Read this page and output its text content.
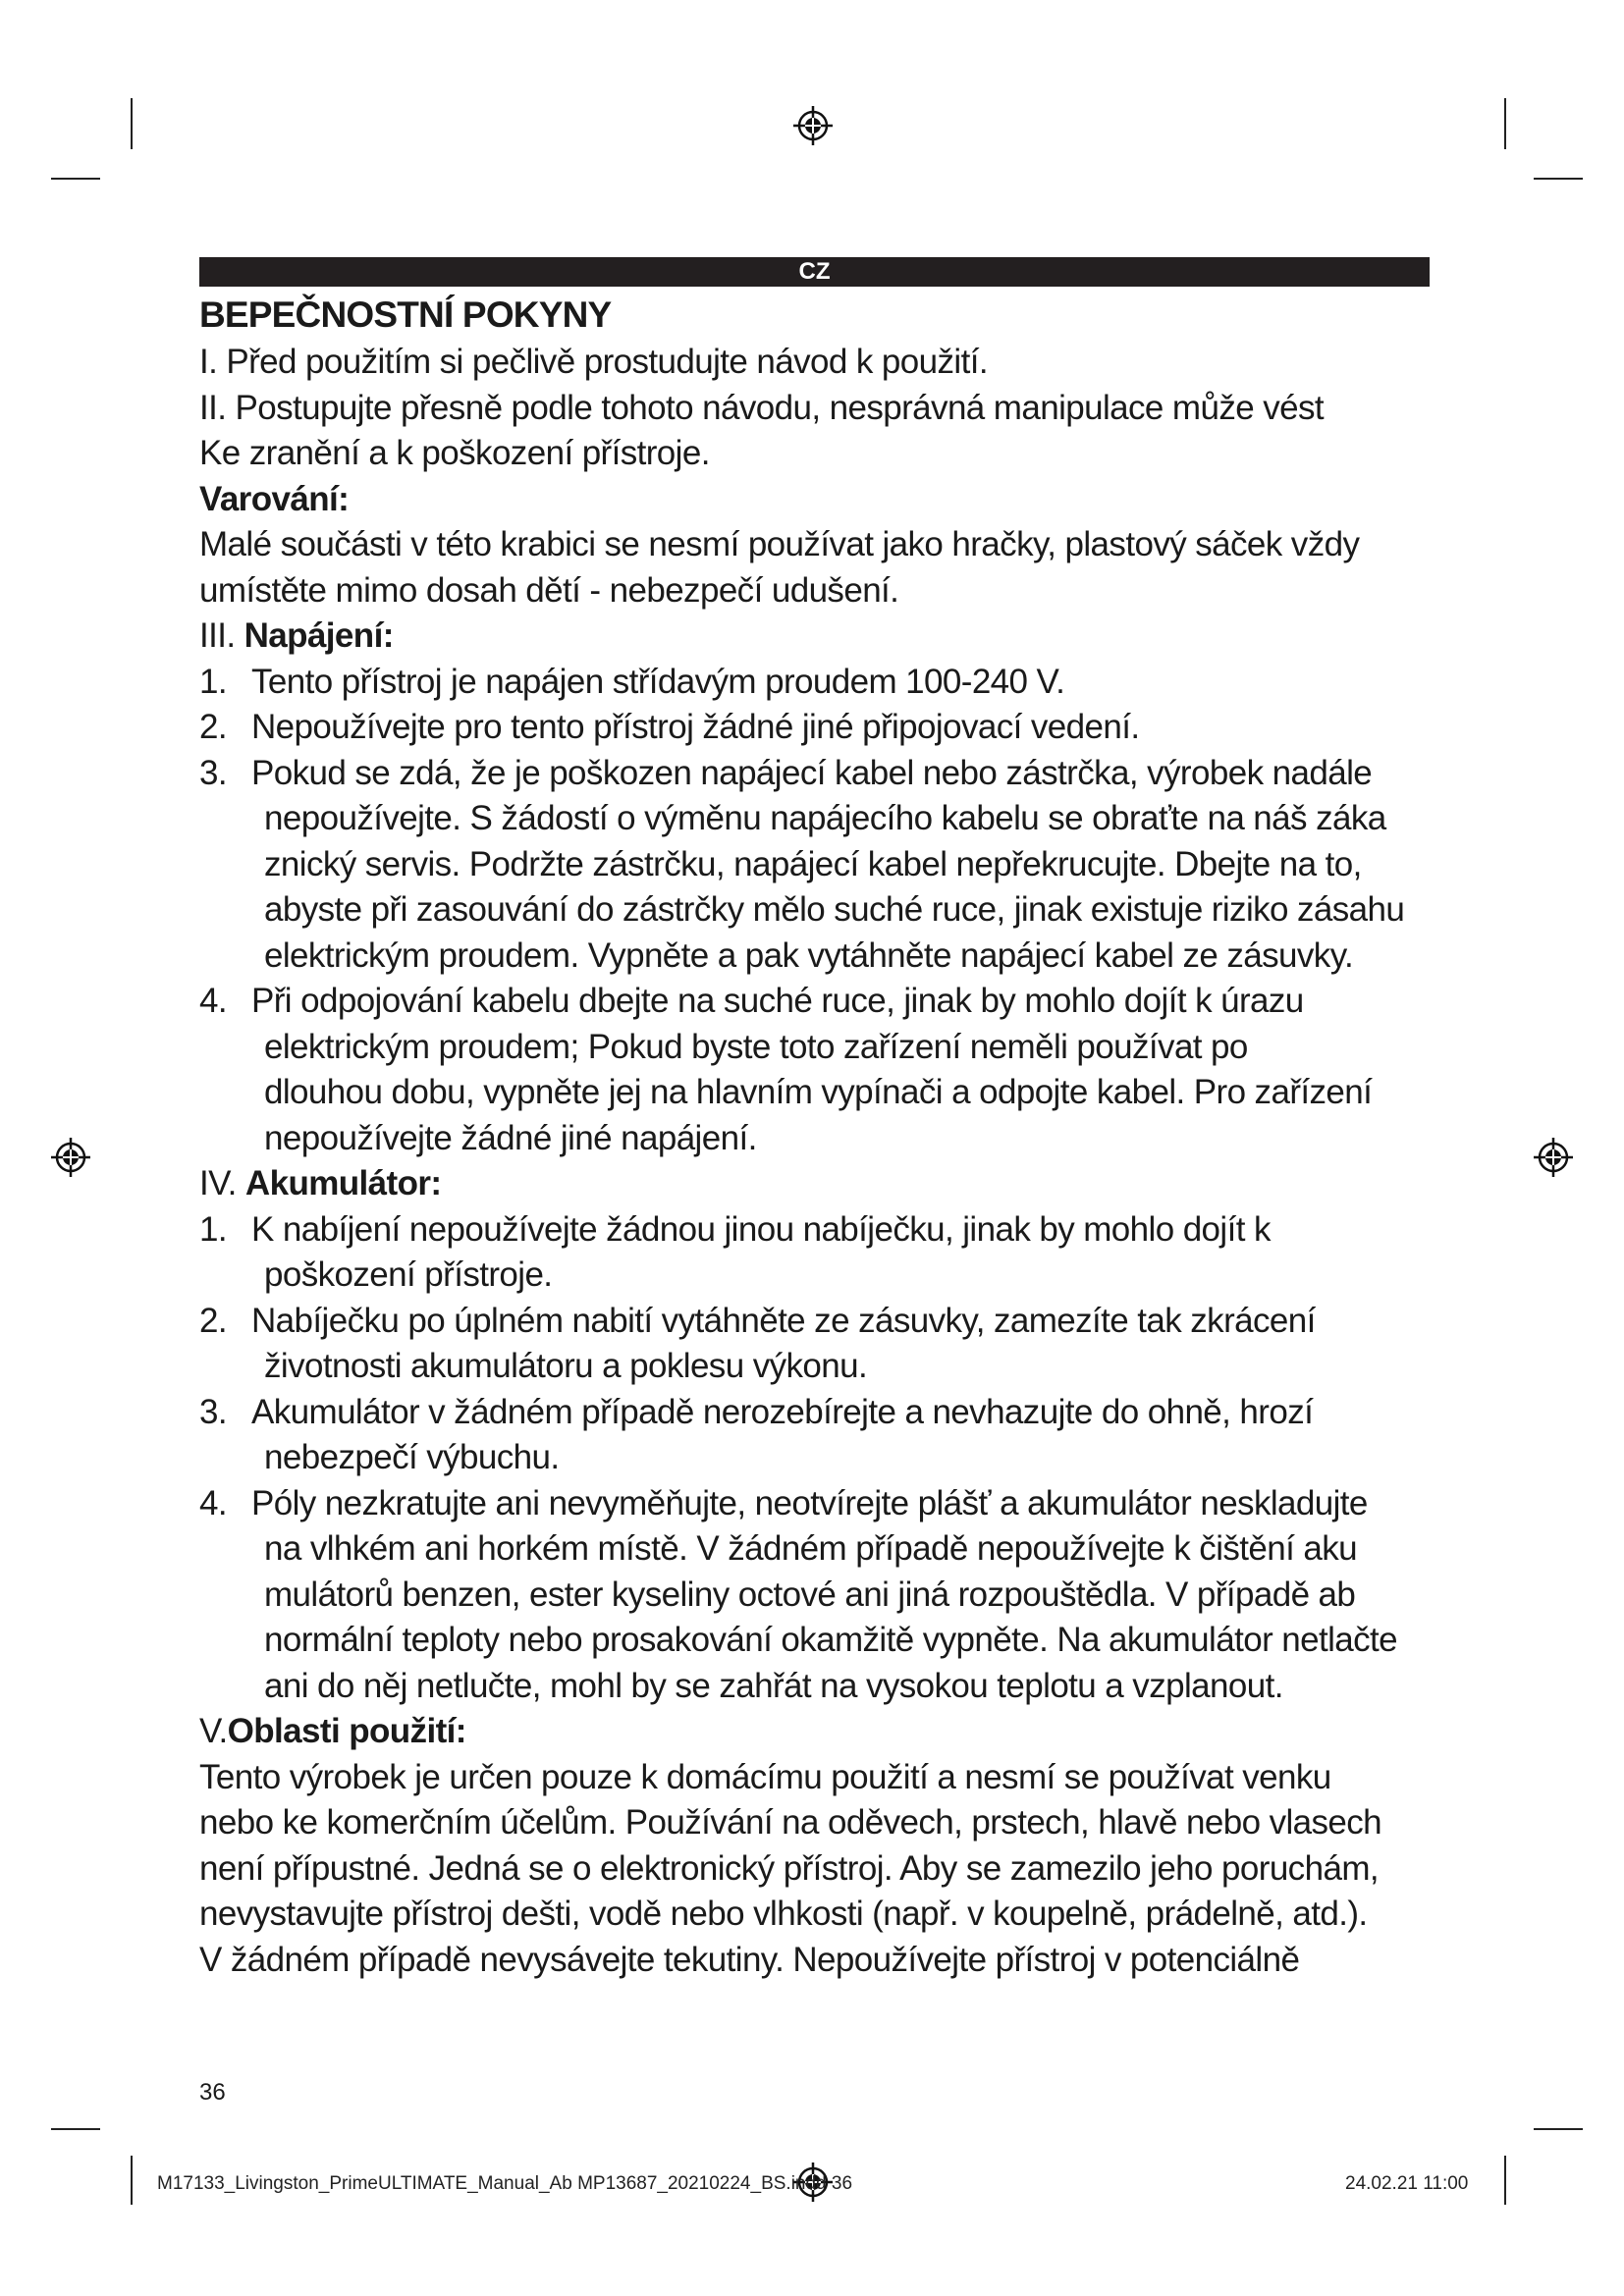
CZ

BEPEČNOSTNÍ POKYNY

I. Před použitím si pečlivě prostudujte návod k použití.

II. Postupujte přesně podle tohoto návodu, nesprávná manipulace může vést

Ke zranění a k poškození přístroje.

Varování:

Malé součásti v této krabici se nesmí používat jako hračky, plastový sáček vždy

umístěte mimo dosah dětí - nebezpečí udušení.

III. Napájení:

1. Tento přístroj je napájen střídavým proudem 100-240 V.
2. Nepoužívejte pro tento přístroj žádné jiné připojovací vedení.
3. Pokud se zdá, že je poškozen napájecí kabel nebo zástrčka, výrobek nadále
nepoužívejte. S žádostí o výměnu napájecího kabelu se obraťte na náš záka
znický servis. Podržte zástrčku, napájecí kabel nepřekrucujte. Dbejte na to,
abyste při zasouvání do zástrčky mělo suché ruce, jinak existuje riziko zásahu
elektrickým proudem. Vypněte a pak vytáhněte napájecí kabel ze zásuvky.
4. Při odpojování kabelu dbejte na suché ruce, jinak by mohlo dojít k úrazu
elektrickým proudem; Pokud byste toto zařízení neměli používat po
dlouhou dobu, vypněte jej na hlavním vypínači a odpojte kabel. Pro zařízení
nepoužívejte žádné jiné napájení.

IV. Akumulátor:

1. K nabíjení nepoužívejte žádnou jinou nabíječku, jinak by mohlo dojít k
poškození přístroje.
2. Nabíječku po úplném nabití vytáhněte ze zásuvky, zamezíte tak zkrácení
životnosti akumulátoru a poklesu výkonu.
3. Akumulátor v žádném případě nerozebírejte a nevhazujte do ohně, hrozí
nebezpečí výbuchu.
4. Póly nezkratujte ani nevyměňujte, neotvírejte plášť a akumulátor neskladujte
na vlhkém ani horkém místě. V žádném případě nepoužívejte k čištění aku
mulátorů benzen, ester kyseliny octové ani jiná rozpouštědla. V případě ab
normální teploty nebo prosakování okamžitě vypněte. Na akumulátor netlačte
ani do něj netlučte, mohl by se zahřát na vysokou teplotu a vzplanout.

V.Oblasti použití:

Tento výrobek je určen pouze k domácímu použití a nesmí se používat venku

nebo ke komerčním účelům. Používání na oděvech, prstech, hlavě nebo vlasech

není přípustné. Jedná se o elektronický přístroj. Aby se zamezilo jeho poruchám,

nevystavujte přístroj dešti, vodě nebo vlhkosti (např. v koupelně, prádelně, atd.).

V žádném případě nevysávejte tekutiny. Nepoužívejte přístroj v potenciálně

36
M17133_Livingston_PrimeULTIMATE_Manual_Ab MP13687_20210224_BS.indd 36	24.02.21 11:00
